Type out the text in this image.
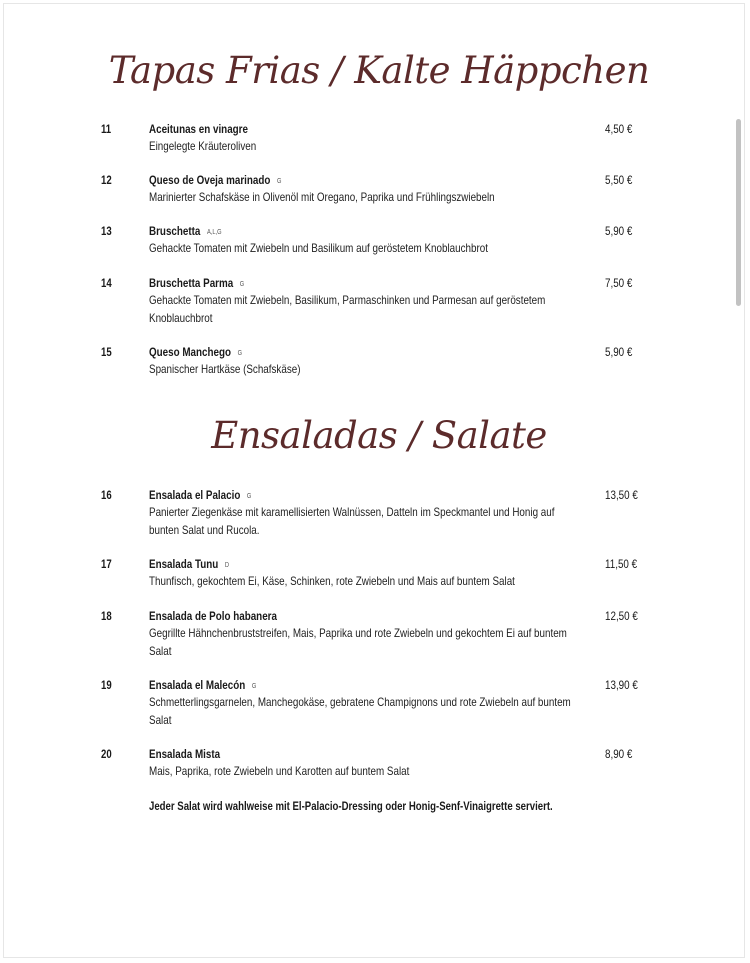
Tapas Frias / Kalte Häppchen
11	Aceitunas en vinagre
Eingelegte Kräuteroliven
4,50 €
12	Queso de Oveja marinado G
Marinierter Schafskäse in Olivenöl mit Oregano, Paprika und Frühlingszwiebeln
5,50 €
13	Bruschetta A,L,G
Gehackte Tomaten mit Zwiebeln und Basilikum auf geröstetem Knoblauchbrot
5,90 €
14	Bruschetta Parma G
Gehackte Tomaten mit Zwiebeln, Basilikum, Parmaschinken und Parmesan auf geröstetem Knoblauchbrot
7,50 €
15	Queso Manchego G
Spanischer Hartkäse (Schafskäse)
5,90 €
Ensaladas / Salate
16	Ensalada el Palacio G
Panierter Ziegenkäse mit karamellisierten Walnüssen, Datteln im Speckmantel und Honig auf bunten Salat und Rucola.
13,50 €
17	Ensalada Tunu D
Thunfisch, gekochtem Ei, Käse, Schinken, rote Zwiebeln und Mais auf buntem Salat
11,50 €
18	Ensalada de Polo habanera
Gegrillte Hähnchenbruststreifen, Mais, Paprika und rote Zwiebeln und gekochtem Ei auf buntem Salat
12,50 €
19	Ensalada el Malecón G
Schmetterlingsgarnelen, Manchegokäse, gebratene Champignons und rote Zwiebeln auf buntem Salat
13,90 €
20	Ensalada Mista
Mais, Paprika, rote Zwiebeln und Karotten auf buntem Salat
8,90 €
Jeder Salat wird wahlweise mit El-Palacio-Dressing oder Honig-Senf-Vinaigrette serviert.
